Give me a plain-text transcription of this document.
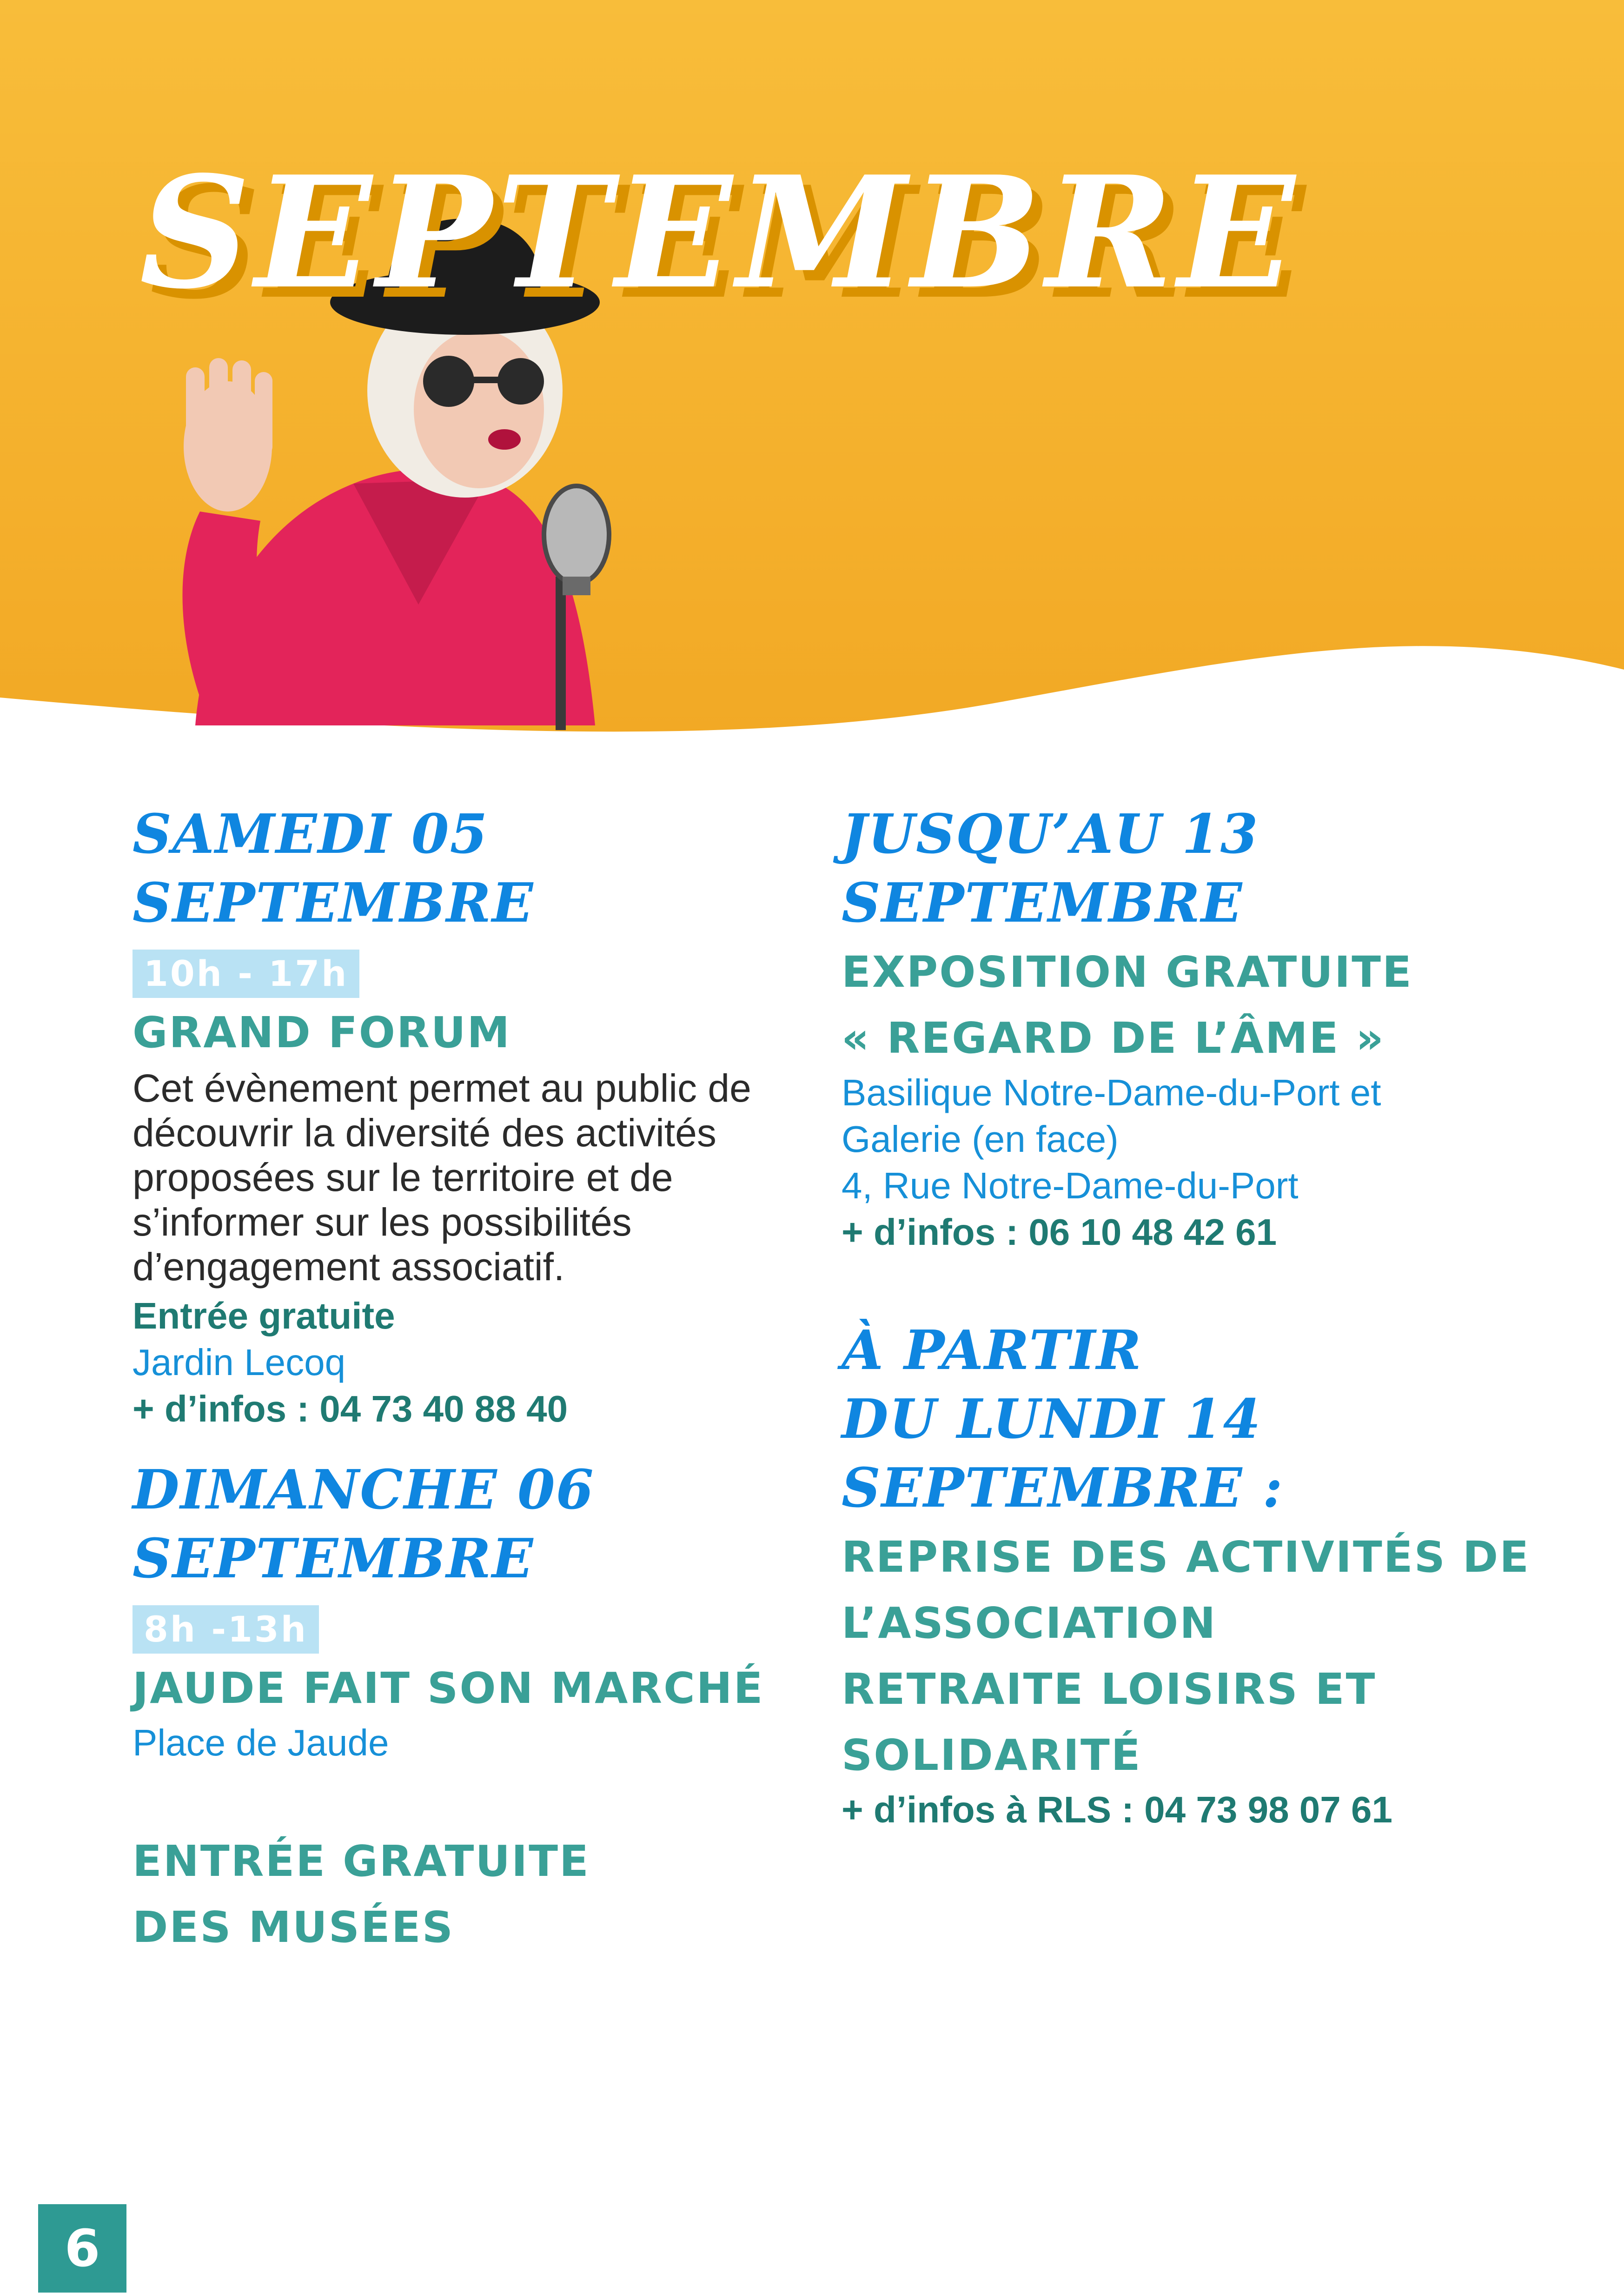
SEPTEMBRE

SAMEDI 05

SEPTEMBRE

10h - 17h

GRAND FORUM

Cet évènement permet au public de découvrir la diversité des activités proposées sur le territoire et de s’informer sur les possibilités d’engagement associatif.

Entrée gratuite
Jardin Lecoq
+ d’infos : 04 73 40 88 40

DIMANCHE 06

SEPTEMBRE

8h -13h

JAUDE FAIT SON MARCHÉ

Place de Jaude

ENTRÉE GRATUITE

DES MUSÉES

JUSQU’AU 13

SEPTEMBRE

EXPOSITION GRATUITE

« REGARD DE L’ÂME »

Basilique Notre-Dame-du-Port et
Galerie (en face)
4, Rue Notre-Dame-du-Port
+ d’infos : 06 10 48 42 61

À PARTIR

DU LUNDI 14

SEPTEMBRE :

REPRISE DES ACTIVITÉS DE

L’ASSOCIATION

RETRAITE LOISIRS ET

SOLIDARITÉ

+ d’infos à RLS : 04 73 98 07 61
6
